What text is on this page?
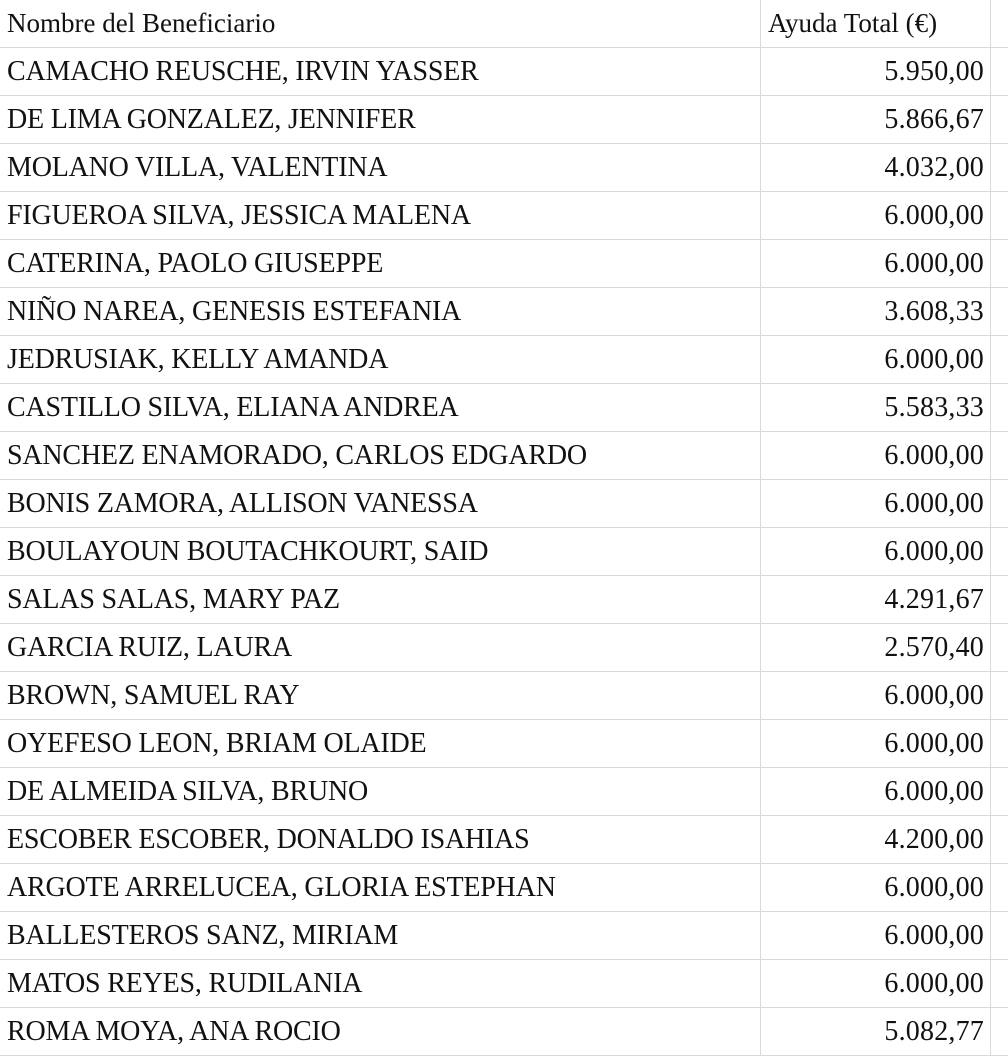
Nombre del Beneficiario	Ayuda Total (€)
CAMACHO REUSCHE, IRVIN YASSER	5.950,00
DE LIMA GONZALEZ, JENNIFER	5.866,67
MOLANO VILLA, VALENTINA	4.032,00
FIGUEROA SILVA, JESSICA MALENA	6.000,00
CATERINA, PAOLO GIUSEPPE	6.000,00
NIÑO NAREA, GENESIS ESTEFANIA	3.608,33
JEDRUSIAK, KELLY AMANDA	6.000,00
CASTILLO SILVA, ELIANA ANDREA	5.583,33
SANCHEZ ENAMORADO, CARLOS EDGARDO	6.000,00
BONIS ZAMORA, ALLISON VANESSA	6.000,00
BOULAYOUN BOUTACHKOURT, SAID	6.000,00
SALAS SALAS, MARY PAZ	4.291,67
GARCIA RUIZ, LAURA	2.570,40
BROWN, SAMUEL RAY	6.000,00
OYEFESO LEON, BRIAM OLAIDE	6.000,00
DE ALMEIDA SILVA, BRUNO	6.000,00
ESCOBER ESCOBER, DONALDO ISAHIAS	4.200,00
ARGOTE ARRELUCEA, GLORIA ESTEPHAN	6.000,00
BALLESTEROS SANZ, MIRIAM	6.000,00
MATOS REYES, RUDILANIA	6.000,00
ROMA MOYA, ANA ROCIO	5.082,77
